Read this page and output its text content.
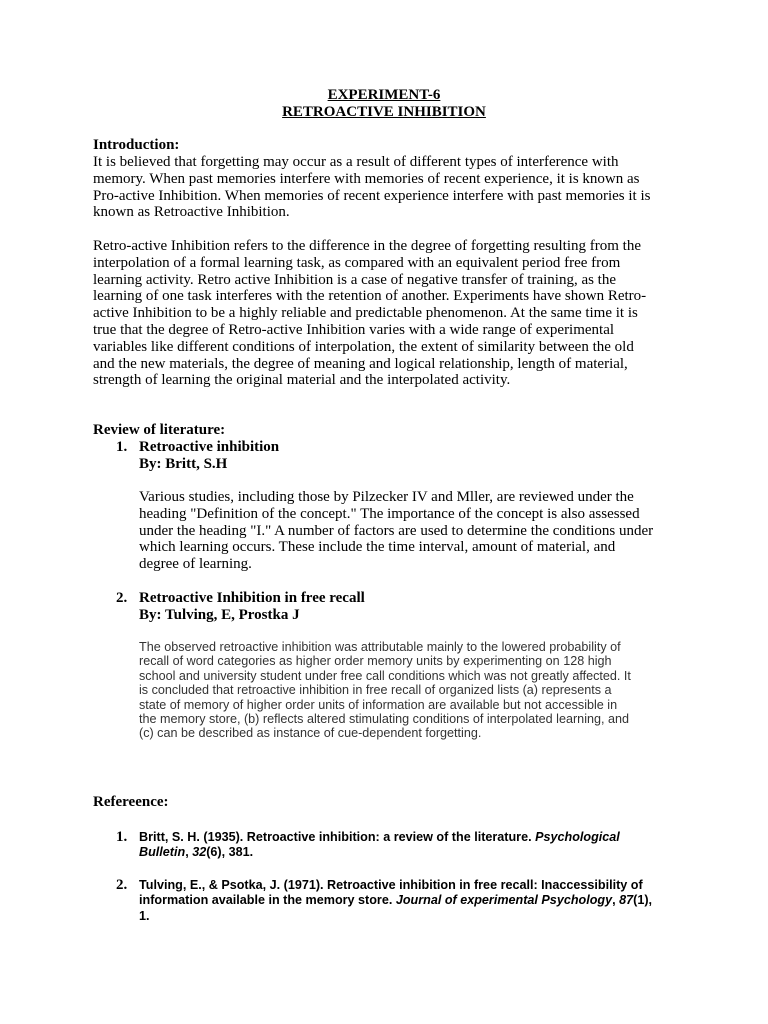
EXPERIMENT-6
RETROACTIVE INHIBITION
Introduction:
It is believed that forgetting may occur as a result of different types of interference with
memory. When past memories interfere with memories of recent experience, it is known as
Pro-active Inhibition. When memories of recent experience interfere with past memories it is
known as Retroactive Inhibition.
Retro-active Inhibition refers to the difference in the degree of forgetting resulting from the
interpolation of a formal learning task, as compared with an equivalent period free from
learning activity. Retro active Inhibition is a case of negative transfer of training, as the
learning of one task interferes with the retention of another. Experiments have shown Retro-
active Inhibition to be a highly reliable and predictable phenomenon. At the same time it is
true that the degree of Retro-active Inhibition varies with a wide range of experimental
variables like different conditions of interpolation, the extent of similarity between the old
and the new materials, the degree of meaning and logical relationship, length of material,
strength of learning the original material and the interpolated activity.
Review of literature:
1. Retroactive inhibition
By: Britt, S.H
Various studies, including those by Pilzecker IV and Mller, are reviewed under the
heading "Definition of the concept." The importance of the concept is also assessed
under the heading "I." A number of factors are used to determine the conditions under
which learning occurs. These include the time interval, amount of material, and
degree of learning.
2. Retroactive Inhibition in free recall
By: Tulving, E, Prostka J
The observed retroactive inhibition was attributable mainly to the lowered probability of
recall of word categories as higher order memory units by experimenting on 128 high
school and university student under free call conditions which was not greatly affected. It
is concluded that retroactive inhibition in free recall of organized lists (a) represents a
state of memory of higher order units of information are available but not accessible in
the memory store, (b) reflects altered stimulating conditions of interpolated learning, and
(c) can be described as instance of cue-dependent forgetting.
Refereence:
1. Britt, S. H. (1935). Retroactive inhibition: a review of the literature. Psychological
Bulletin, 32(6), 381.
2. Tulving, E., & Psotka, J. (1971). Retroactive inhibition in free recall: Inaccessibility of
information available in the memory store. Journal of experimental Psychology, 87(1),
1.
